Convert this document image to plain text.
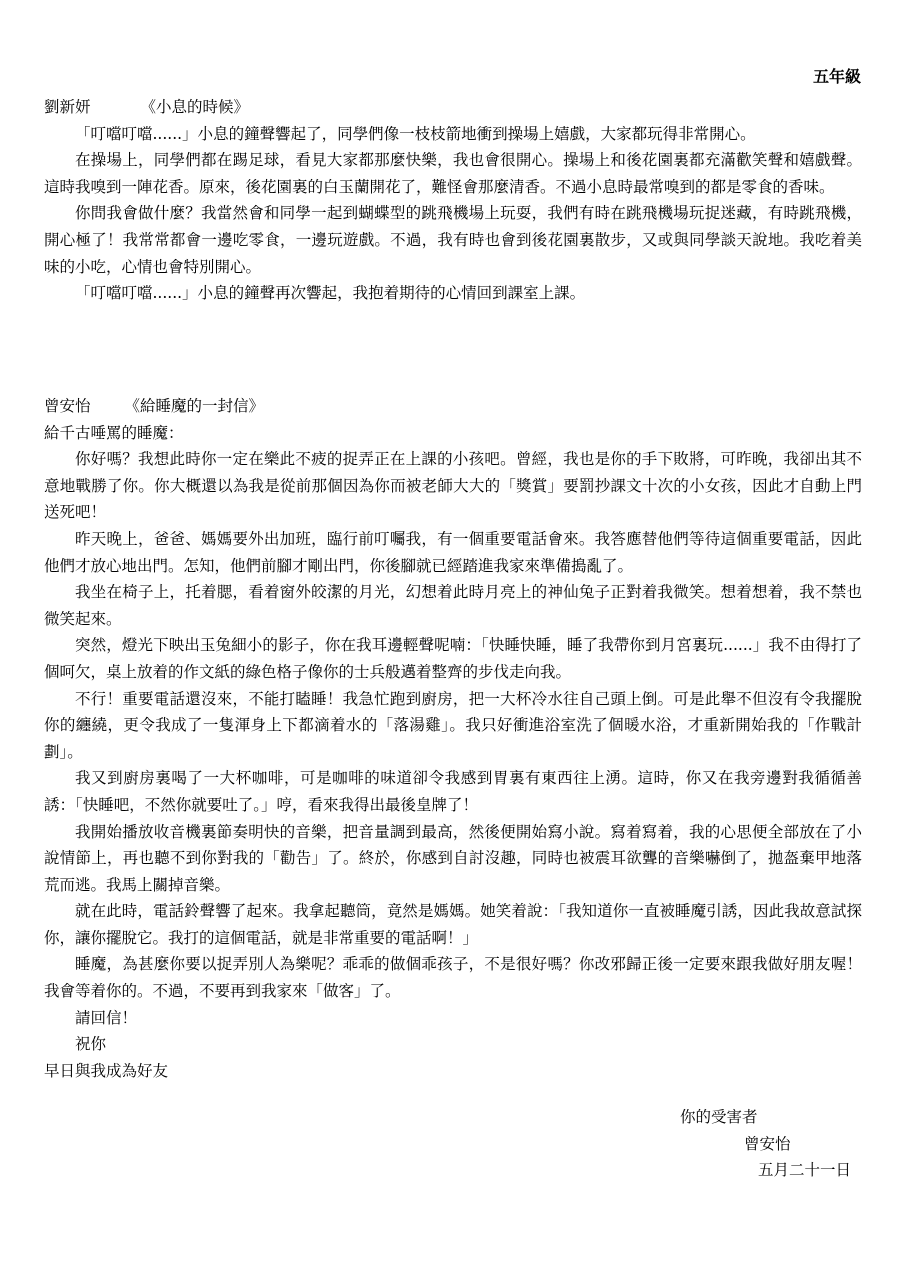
五年級
劉新妍	《小息的時候》

「叮噹叮噹......」小息的鐘聲響起了，同學們像一枝枝箭地衝到操場上嬉戲，大家都玩得非常開心。

在操場上，同學們都在踢足球，看見大家都那麼快樂，我也會很開心。操場上和後花園裏都充滿歡笑聲和嬉戲聲。這時我嗅到一陣花香。原來，後花園裏的白玉蘭開花了，難怪會那麼清香。不過小息時最常嗅到的都是零食的香味。

你問我會做什麼？我當然會和同學一起到蝴蝶型的跳飛機場上玩耍，我們有時在跳飛機場玩捉迷藏，有時跳飛機，開心極了！我常常都會一邊吃零食，一邊玩遊戲。不過，我有時也會到後花園裏散步，又或與同學談天說地。我吃着美味的小吃，心情也會特別開心。

「叮噹叮噹......」小息的鐘聲再次響起，我抱着期待的心情回到課室上課。

曾安怡 《給睡魔的一封信》

給千古唾罵的睡魔：

你好嗎？我想此時你一定在樂此不疲的捉弄正在上課的小孩吧。曾經，我也是你的手下敗將，可昨晚，我卻出其不意地戰勝了你。你大概還以為我是從前那個因為你而被老師大大的「獎賞」要罰抄課文十次的小女孩，因此才自動上門送死吧！

昨天晚上，爸爸、媽媽要外出加班，臨行前叮囑我，有一個重要電話會來。我答應替他們等待這個重要電話，因此他們才放心地出門。怎知，他們前腳才剛出門，你後腳就已經踏進我家來準備搗亂了。

我坐在椅子上，托着腮，看着窗外皎潔的月光，幻想着此時月亮上的神仙兔子正對着我微笑。想着想着，我不禁也微笑起來。

突然，燈光下映出玉兔細小的影子，你在我耳邊輕聲呢喃：「快睡快睡，睡了我帶你到月宮裏玩......」我不由得打了個呵欠，桌上放着的作文紙的綠色格子像你的士兵般邁着整齊的步伐走向我。

不行！重要電話還沒來，不能打瞌睡！我急忙跑到廚房，把一大杯冷水往自己頭上倒。可是此舉不但沒有令我擺脫你的纏繞，更令我成了一隻渾身上下都滴着水的「落湯雞」。我只好衝進浴室洗了個暖水浴，才重新開始我的「作戰計劃」。

我又到廚房裏喝了一大杯咖啡，可是咖啡的味道卻令我感到胃裏有東西往上湧。這時，你又在我旁邊對我循循善誘：「快睡吧，不然你就要吐了。」哼，看來我得出最後皇牌了！

我開始播放收音機裏節奏明快的音樂，把音量調到最高，然後便開始寫小說。寫着寫着，我的心思便全部放在了小說情節上，再也聽不到你對我的「勸告」了。終於，你感到自討沒趣，同時也被震耳欲聾的音樂嚇倒了，拋盔棄甲地落荒而逃。我馬上關掉音樂。

就在此時，電話鈴聲響了起來。我拿起聽筒，竟然是媽媽。她笑着說：「我知道你一直被睡魔引誘，因此我故意試探你，讓你擺脫它。我打的這個電話，就是非常重要的電話啊！」

睡魔，為甚麼你要以捉弄別人為樂呢？乖乖的做個乖孩子，不是很好嗎？你改邪歸正後一定要來跟我做好朋友喔！我會等着你的。不過，不要再到我家來「做客」了。

請回信！

祝你

早日與我成為好友

你的受害者
曾安怡
五月二十一日
